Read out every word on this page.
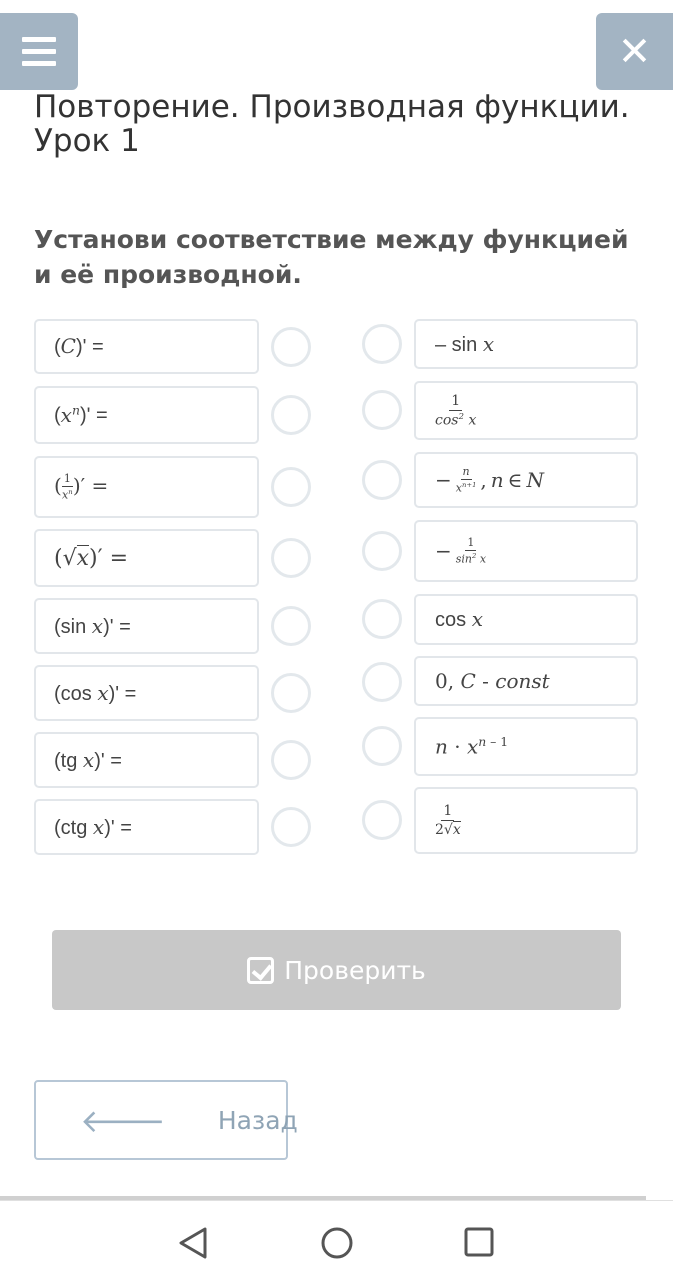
✕
Повторение. Производная функции. Урок 1
Установи соответствие между функцией и её производной.
(C)' =
$(x^n)'$ =
( $\frac{1}{x^n}$ )′ =
(√x)′ =
(sin x)' =
(cos x)' =
(tg x)' =
(ctg x)' =
– sin x
$\frac{1}{\cos^2 x}$
− $\frac{n}{x^{n+1}}$ , n ∈ N
− $\frac{1}{\sin^2 x}$
cos x
0, C - const
$n \cdot x^{n - 1}$
$\frac{1}{2√x}$
Проверить
🡐 Назад
